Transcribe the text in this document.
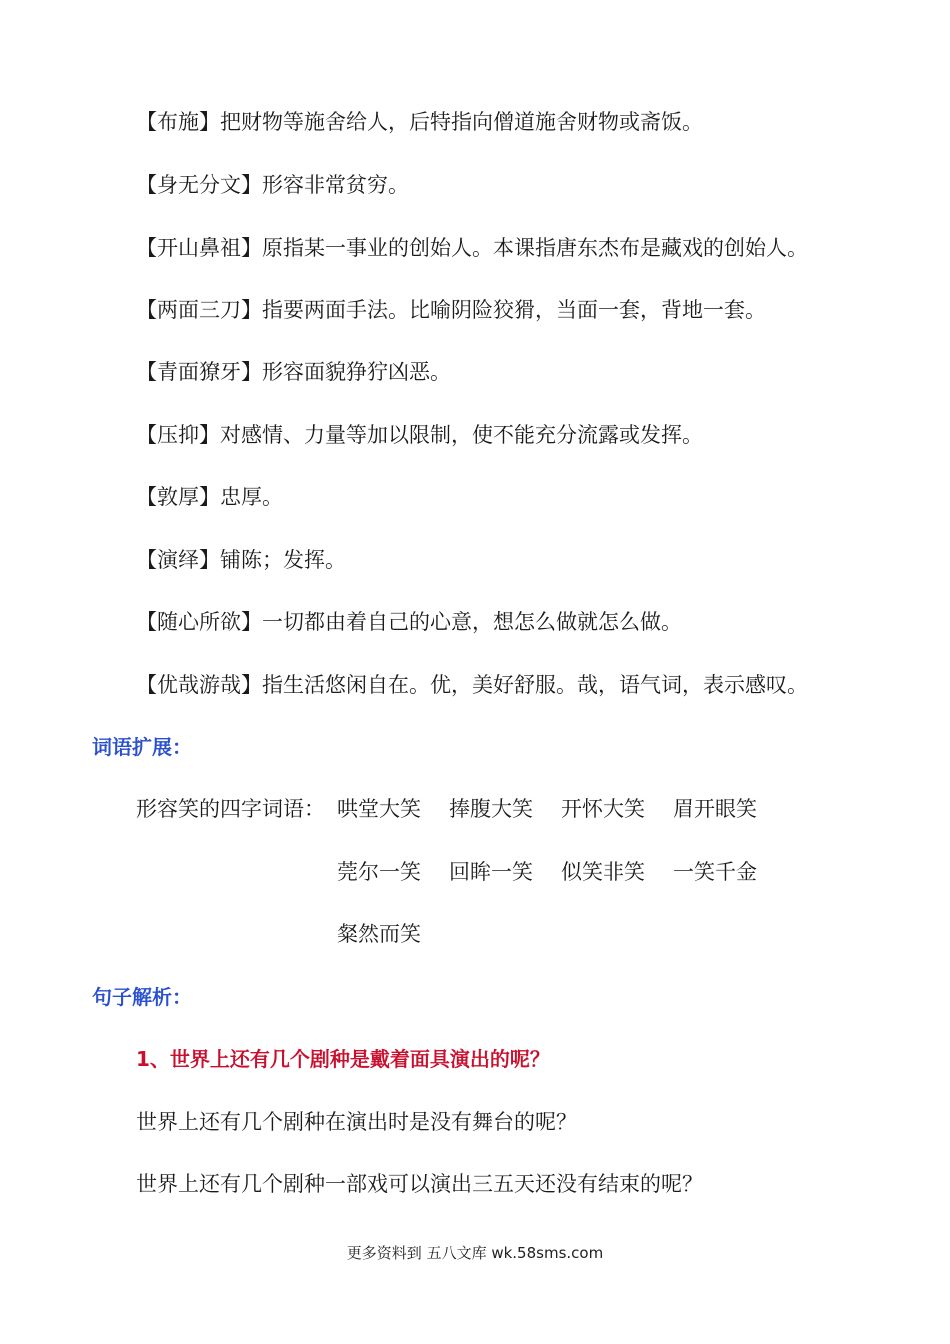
【布施】把财物等施舍给人，后特指向僧道施舍财物或斋饭。
【身无分文】形容非常贫穷。
【开山鼻祖】原指某一事业的创始人。本课指唐东杰布是藏戏的创始人。
【两面三刀】指要两面手法。比喻阴险狡猾，当面一套，背地一套。
【青面獠牙】形容面貌狰狞凶恶。
【压抑】对感情、力量等加以限制，使不能充分流露或发挥。
【敦厚】忠厚。
【演绎】铺陈；发挥。
【随心所欲】一切都由着自己的心意，想怎么做就怎么做。
【优哉游哉】指生活悠闲自在。优，美好舒服。哉，语气词，表示感叹。
词语扩展：
形容笑的四字词语： 哄堂大笑 捧腹大笑 开怀大笑 眉开眼笑
莞尔一笑 回眸一笑 似笑非笑 一笑千金
粲然而笑
句子解析：
1、世界上还有几个剧种是戴着面具演出的呢？
世界上还有几个剧种在演出时是没有舞台的呢？
世界上还有几个剧种一部戏可以演出三五天还没有结束的呢？
更多资料到 五八文库 wk.58sms.com
